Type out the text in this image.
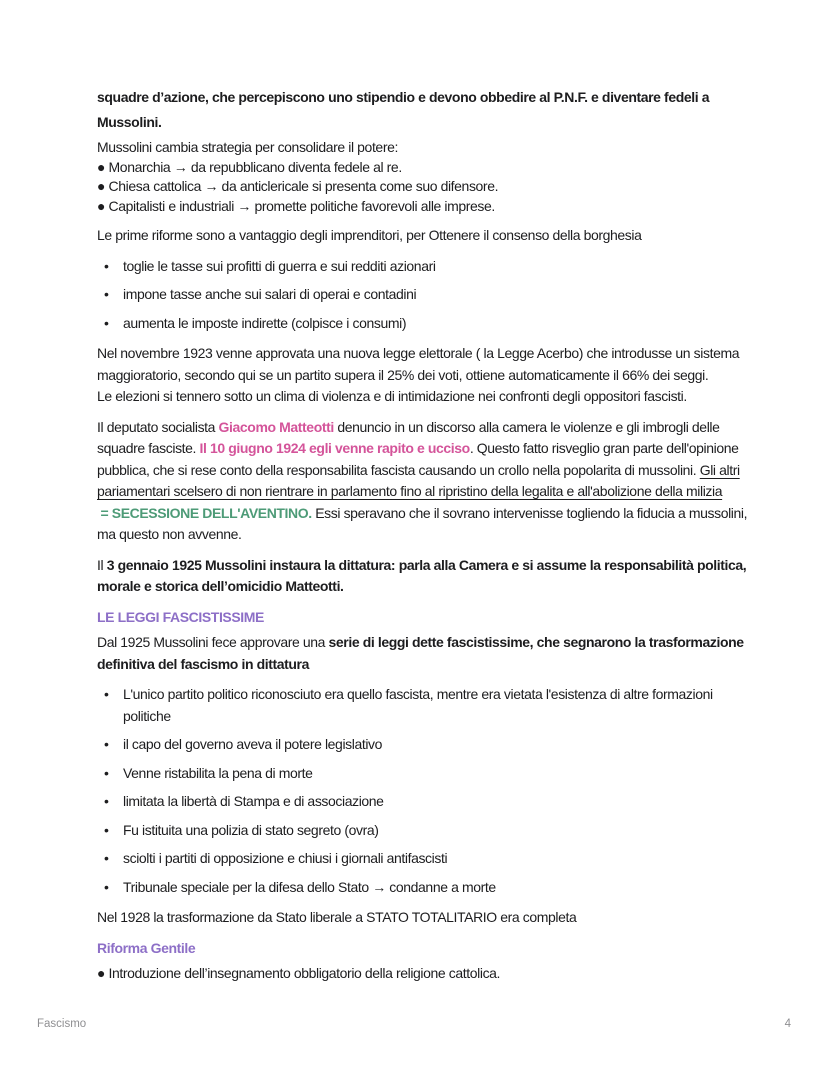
squadre d’azione, che percepiscono uno stipendio e devono obbedire al P.N.F. e diventare fedeli a Mussolini.

Mussolini cambia strategia per consolidare il potere:
● Monarchia → da repubblicano diventa fedele al re.
● Chiesa cattolica → da anticlericale si presenta come suo difensore.
● Capitalisti e industriali → promette politiche favorevoli alle imprese.

Le prime riforme sono a vantaggio degli imprenditori, per Ottenere il consenso della borghesia

• toglie le tasse sui profitti di guerra e sui redditi azionari
• impone tasse anche sui salari di operai e contadini
• aumenta le imposte indirette (colpisce i consumi)

Nel novembre 1923 venne approvata una nuova legge elettorale ( la Legge Acerbo) che introdusse un sistema maggioratorio, secondo qui se un partito supera il 25% dei voti, ottiene automaticamente il 66% dei seggi.
Le elezioni si tennero sotto un clima di violenza e di intimidazione nei confronti degli oppositori fascisti.

Il deputato socialista Giacomo Matteotti denuncio in un discorso alla camera le violenze e gli imbrogli delle squadre fasciste. Il 10 giugno 1924 egli venne rapito e ucciso. Questo fatto risveglio gran parte dell'opinione pubblica, che si rese conto della responsabilita fascista causando un crollo nella popolarita di mussolini. Gli altri pariamentari scelsero di non rientrare in parlamento fino al ripristino della legalita e all'abolizione della milizia
= SECESSIONE DELL'AVENTINO. Essi speravano che il sovrano intervenisse togliendo la fiducia a mussolini, ma questo non avvenne.

Il 3 gennaio 1925 Mussolini instaura la dittatura: parla alla Camera e si assume la responsabilità politica, morale e storica dell’omicidio Matteotti.

LE LEGGI FASCISTISSIME

Dal 1925 Mussolini fece approvare una serie di leggi dette fascistissime, che segnarono la trasformazione definitiva del fascismo in dittatura

• L'unico partito politico riconosciuto era quello fascista, mentre era vietata l'esistenza di altre formazioni politiche
• il capo del governo aveva il potere legislativo
• Venne ristabilita la pena di morte
• limitata la libertà di Stampa e di associazione
• Fu istituita una polizia di stato segreto (ovra)
• sciolti i partiti di opposizione e chiusi i giornali antifascisti
• Tribunale speciale per la difesa dello Stato → condanne a morte

Nel 1928 la trasformazione da Stato liberale a STATO TOTALITARIO era completa

Riforma Gentile

● Introduzione dell’insegnamento obbligatorio della religione cattolica.

Fascismo	4
